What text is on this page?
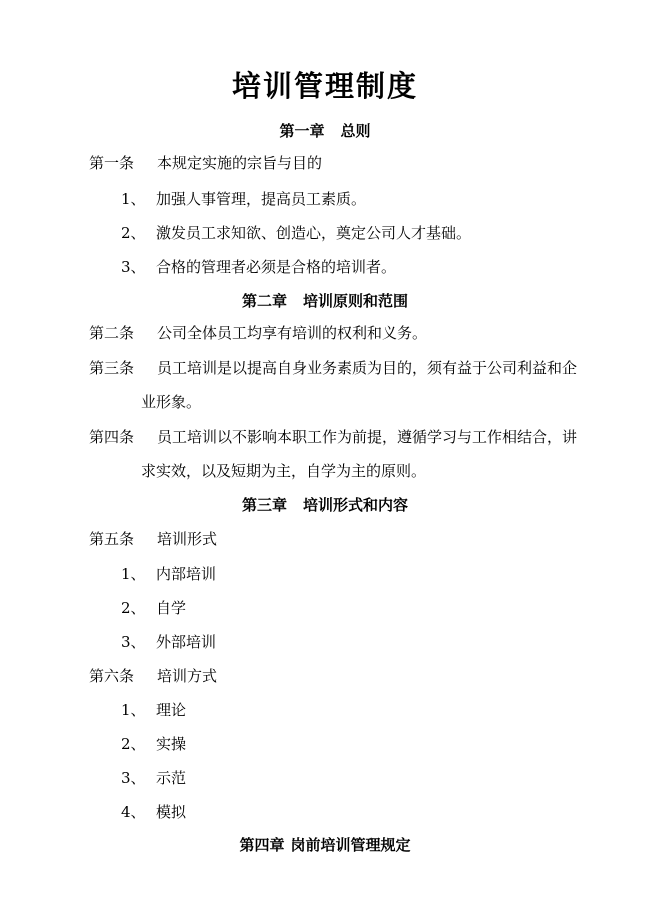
培训管理制度
第一章 总则
第一条 本规定实施的宗旨与目的
1、 加强人事管理，提高员工素质。
2、 激发员工求知欲、创造心，奠定公司人才基础。
3、 合格的管理者必须是合格的培训者。
第二章 培训原则和范围
第二条 公司全体员工均享有培训的权利和义务。
第三条 员工培训是以提高自身业务素质为目的，须有益于公司利益和企
业形象。
第四条 员工培训以不影响本职工作为前提，遵循学习与工作相结合，讲
求实效，以及短期为主，自学为主的原则。
第三章 培训形式和内容
第五条 培训形式
1、 内部培训
2、 自学
3、 外部培训
第六条 培训方式
1、 理论
2、 实操
3、 示范
4、 模拟
第四章 岗前培训管理规定
